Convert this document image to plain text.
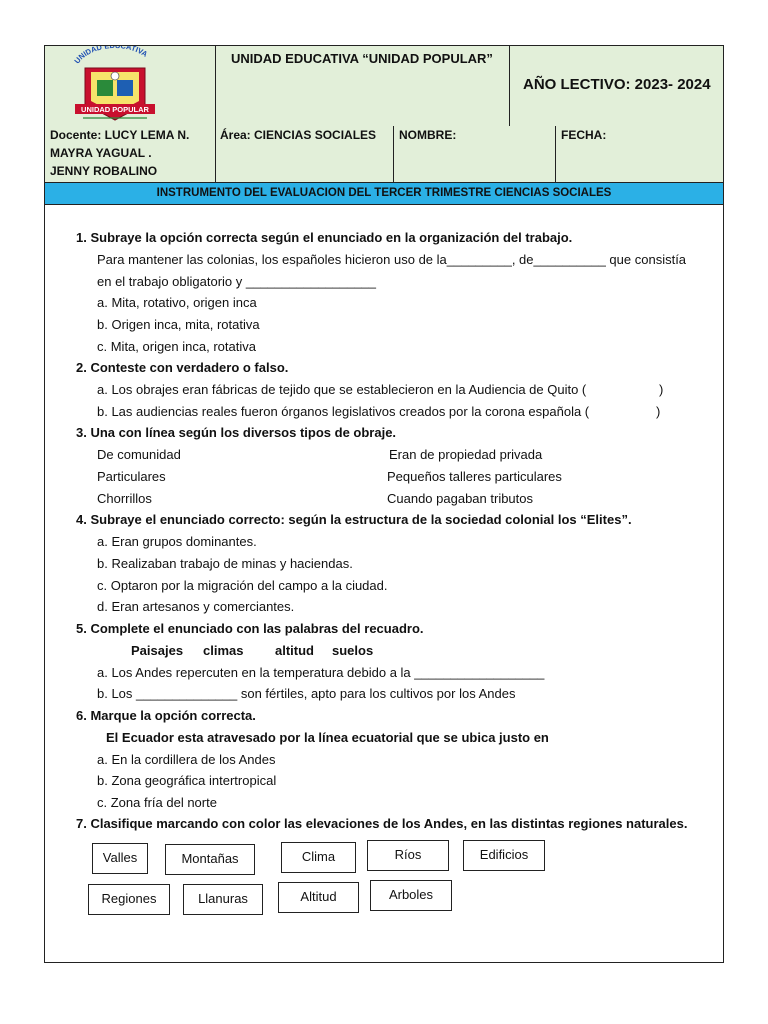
UNIDAD E CATIVA
UNIDAD POPULAR
UNIDAD EDUCATIVA “UNIDAD POPULAR”
AÑO LECTIVO: 2023- 2024
Docente: LUCY LEMA N.
MAYRA YAGUAL .
JENNY ROBALINO
Área: CIENCIAS SOCIALES NOMBRE:	FECHA:
INSTRUMENTO DEL EVALUACION DEL TERCER TRIMESTRE CIENCIAS SOCIALES
1. Subraye la opción correcta según el enunciado en la organización del trabajo.
Para mantener las colonias, los españoles hicieron uso de la_________, de__________ que consistía
en el trabajo obligatorio y __________________
a. Mita, rotativo, origen inca
b. Origen inca, mita, rotativa
c. Mita, origen inca, rotativa
2. Conteste con verdadero o falso.
a. Los obrajes eran fábricas de tejido que se establecieron en la Audiencia de Quito (	)
b. Las audiencias reales fueron órganos legislativos creados por la corona española (	)
3. Una con línea según los diversos tipos de obraje.
De comunidad	Eran de propiedad privada
Particulares	Pequeños talleres particulares
Chorrillos	Cuando pagaban tributos
4. Subraye el enunciado correcto: según la estructura de la sociedad colonial los “Elites”.
a. Eran grupos dominantes.
b. Realizaban trabajo de minas y haciendas.
c. Optaron por la migración del campo a la ciudad.
d. Eran artesanos y comerciantes.
5. Complete el enunciado con las palabras del recuadro.
Paisajes climas altitud suelos
a. Los Andes repercuten en la temperatura debido a la __________________
b. Los ______________ son fértiles, apto para los cultivos por los Andes
6. Marque la opción correcta.
El Ecuador esta atravesado por la línea ecuatorial que se ubica justo en
a. En la cordillera de los Andes
b. Zona geográfica intertropical
c. Zona fría del norte
7. Clasifique marcando con color las elevaciones de los Andes, en las distintas regiones naturales.
Valles	Montañas	Clima	Ríos	Edificios
Regiones	Llanuras	Altitud	Arboles
